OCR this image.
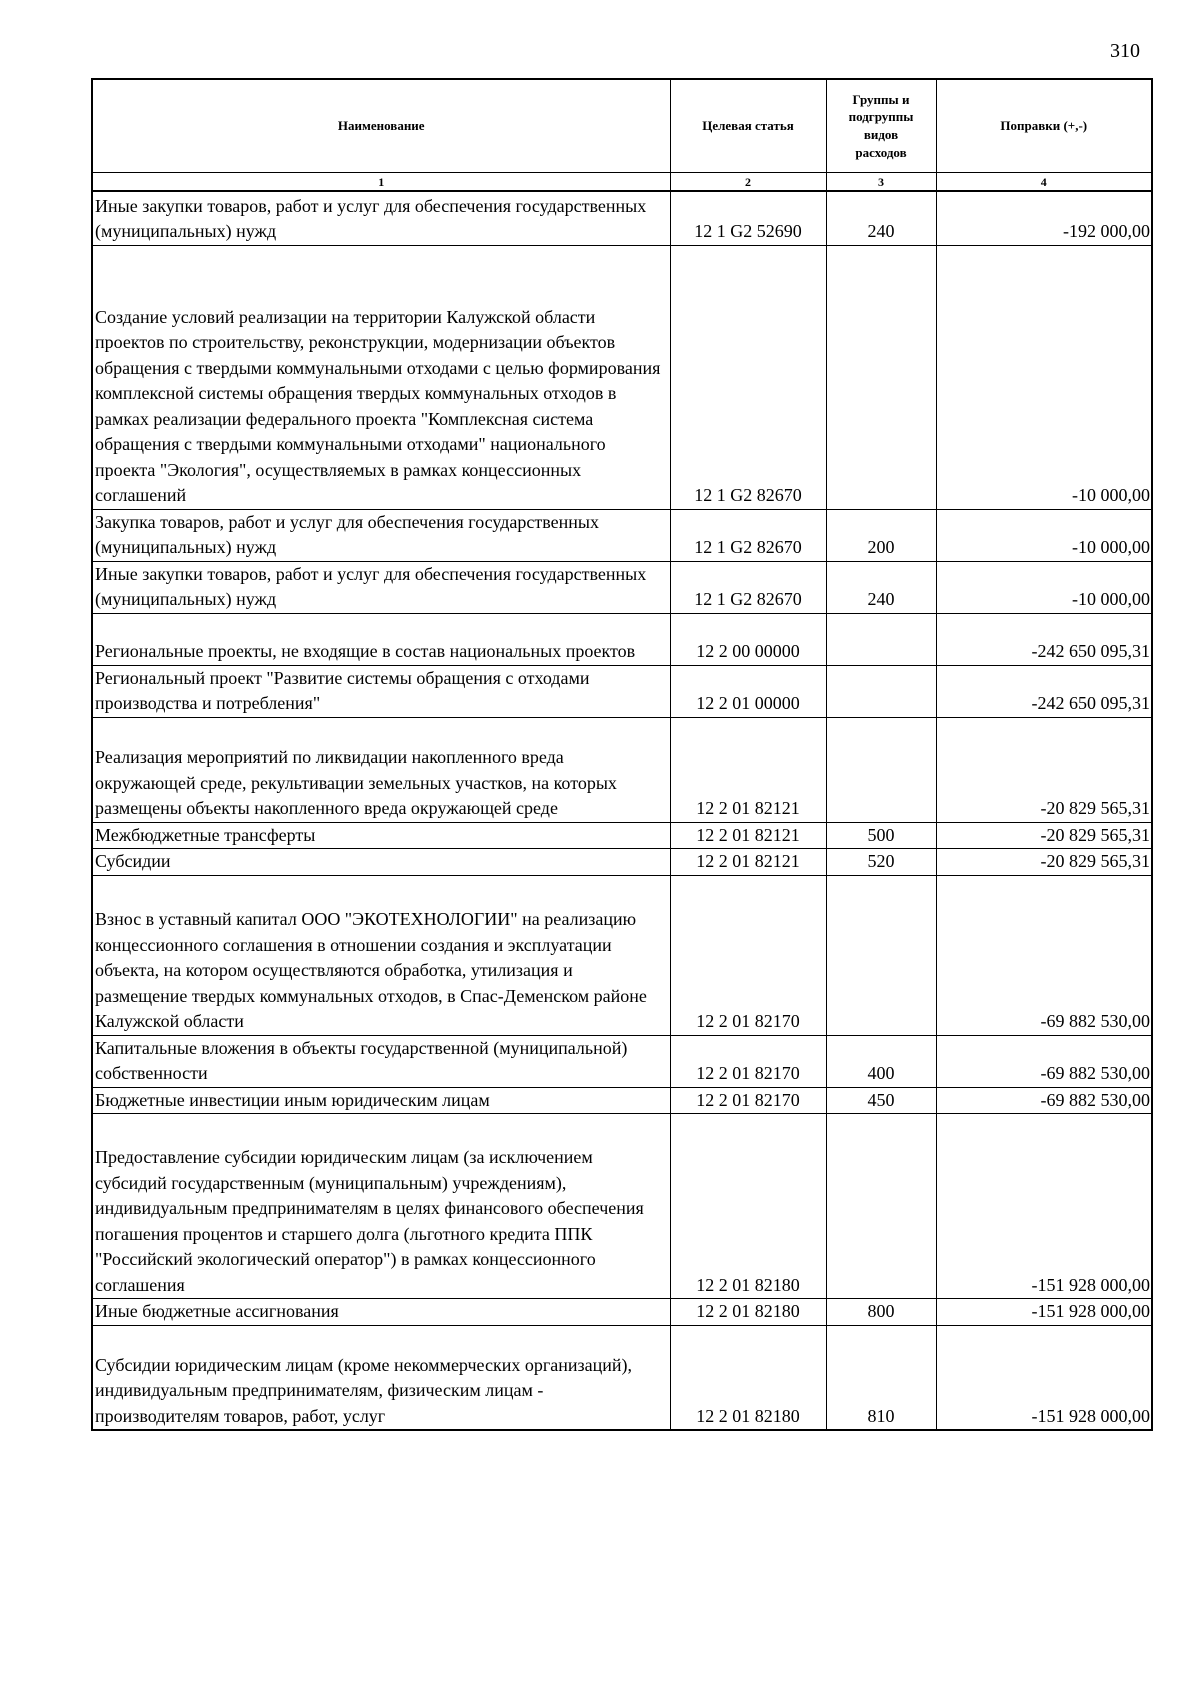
310
Наименование	Целевая статья	Группы и подгруппы видов расходов	Поправки (+,-)
1	2	3	4
Иные закупки товаров, работ и услуг для обеспечения государственных (муниципальных) нужд	12 1 G2 52690	240	-192 000,00
Создание условий реализации на территории Калужской области проектов по строительству, реконструкции, модернизации объектов обращения с твердыми коммунальными отходами с целью формирования комплексной системы обращения твердых коммунальных отходов в рамках реализации федерального проекта "Комплексная система обращения с твердыми коммунальными отходами" национального проекта "Экология", осуществляемых в рамках концессионных соглашений	12 1 G2 82670		-10 000,00
Закупка товаров, работ и услуг для обеспечения государственных (муниципальных) нужд	12 1 G2 82670	200	-10 000,00
Иные закупки товаров, работ и услуг для обеспечения государственных (муниципальных) нужд	12 1 G2 82670	240	-10 000,00
Региональные проекты, не входящие в состав национальных проектов	12 2 00 00000		-242 650 095,31
Региональный проект "Развитие системы обращения с отходами производства и потребления"	12 2 01 00000		-242 650 095,31
Реализация мероприятий по ликвидации накопленного вреда окружающей среде, рекультивации земельных участков, на которых размещены объекты накопленного вреда окружающей среде	12 2 01 82121		-20 829 565,31
Межбюджетные трансферты	12 2 01 82121	500	-20 829 565,31
Субсидии	12 2 01 82121	520	-20 829 565,31
Взнос в уставный капитал ООО "ЭКОТЕХНОЛОГИИ" на реализацию концессионного соглашения в отношении создания и эксплуатации объекта, на котором осуществляются обработка, утилизация и размещение твердых коммунальных отходов, в Спас-Деменском районе Калужской области	12 2 01 82170		-69 882 530,00
Капитальные вложения в объекты государственной (муниципальной) собственности	12 2 01 82170	400	-69 882 530,00
Бюджетные инвестиции иным юридическим лицам	12 2 01 82170	450	-69 882 530,00
Предоставление субсидии юридическим лицам (за исключением субсидий государственным (муниципальным) учреждениям), индивидуальным предпринимателям в целях финансового обеспечения погашения процентов и старшего долга (льготного кредита ППК "Российский экологический оператор") в рамках концессионного соглашения	12 2 01 82180		-151 928 000,00
Иные бюджетные ассигнования	12 2 01 82180	800	-151 928 000,00
Субсидии юридическим лицам (кроме некоммерческих организаций), индивидуальным предпринимателям, физическим лицам - производителям товаров, работ, услуг	12 2 01 82180	810	-151 928 000,00
